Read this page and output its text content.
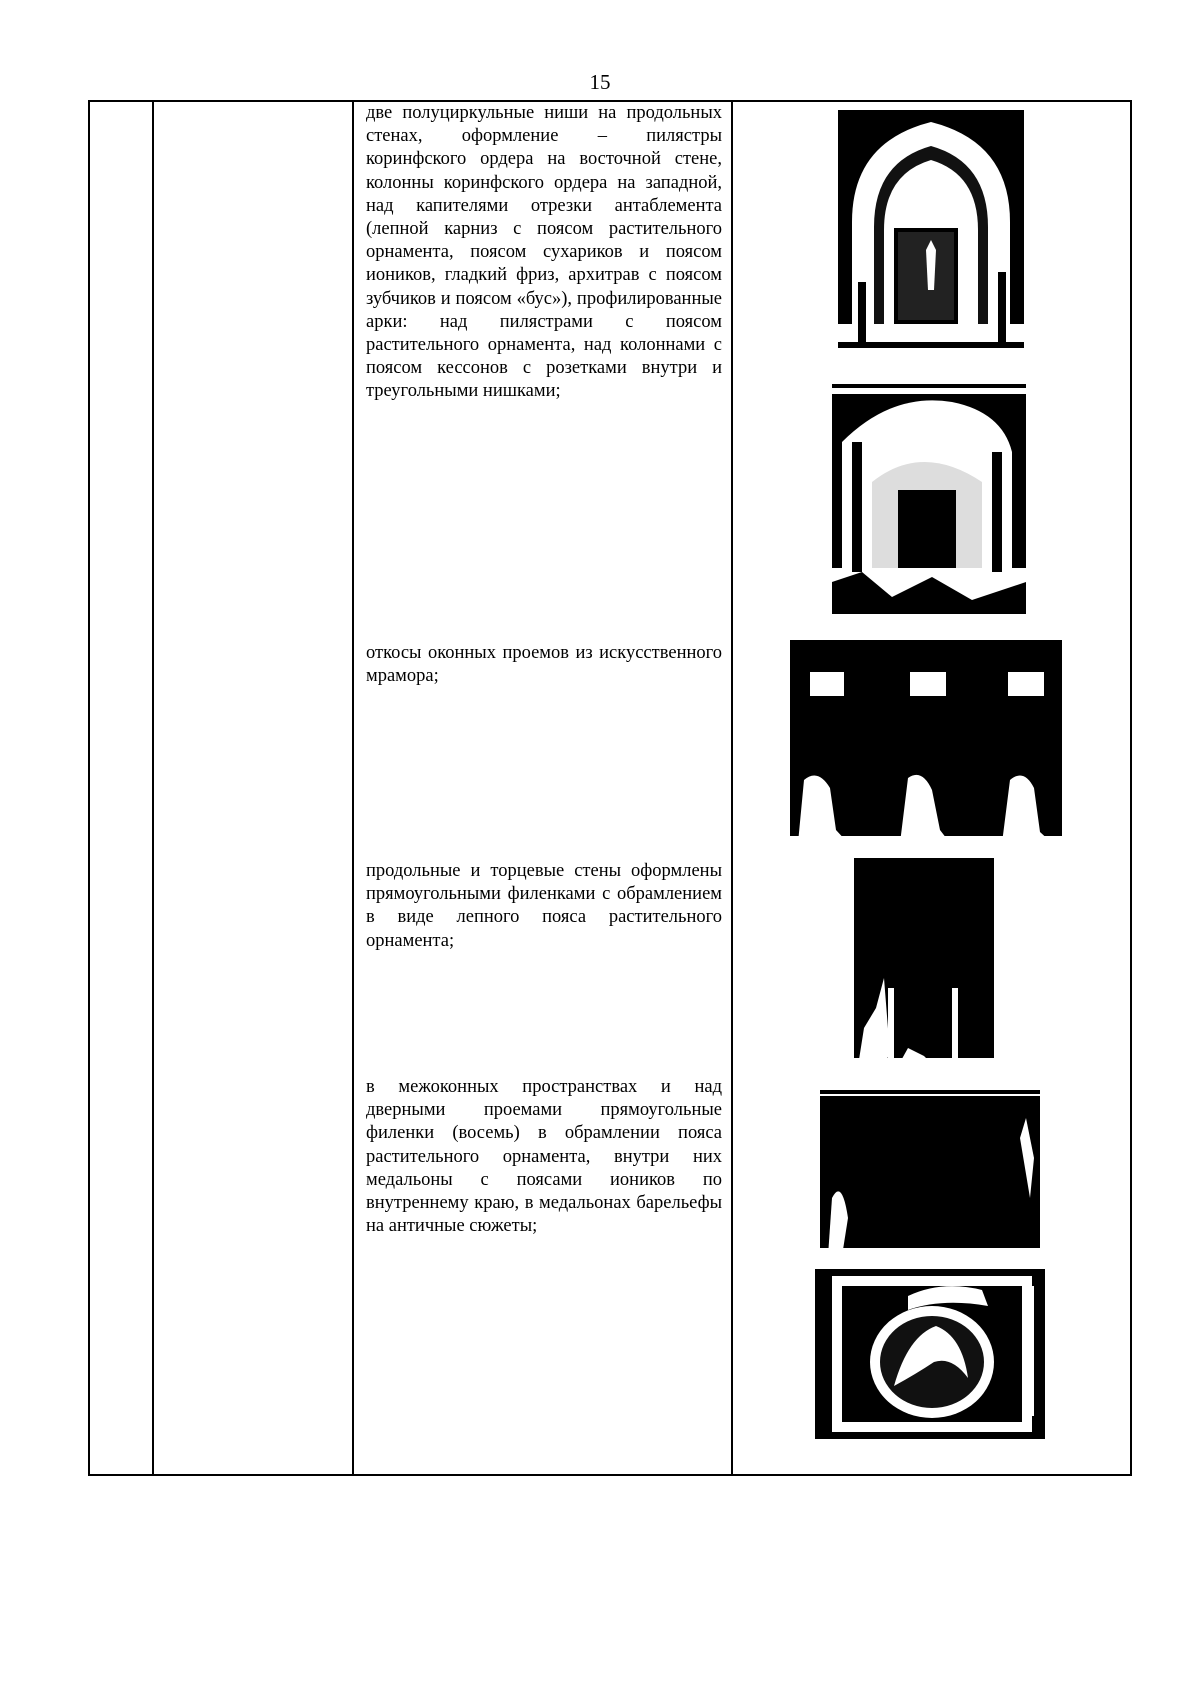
15
две полуциркульные ниши на продольных стенах, оформление – пилястры коринфского ордера на восточной стене, колонны коринфского ордера на западной, над капителями отрезки антаблемента (лепной карниз с поясом растительного орнамента, поясом сухариков и поясом иоников, гладкий фриз, архитрав с поясом зубчиков и поясом «бус»), профилированные арки: над пилястрами с поясом растительного орнамента, над колоннами с поясом кессонов с розетками внутри и треугольными нишками;
откосы оконных проемов из искусственного мрамора;
продольные и торцевые стены оформлены прямоугольными филенками с обрамлением в виде лепного пояса растительного орнамента;
в межоконных пространствах и над дверными проемами прямоугольные филенки (восемь) в обрамлении пояса растительного орнамента, внутри них медальоны с поясами иоников по внутреннему краю, в медальонах барельефы на античные сюжеты;
